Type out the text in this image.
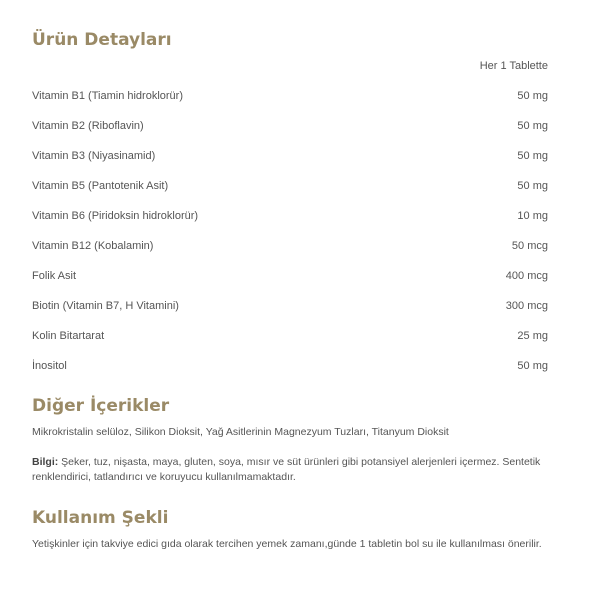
Ürün Detayları
Her 1 Tablette
Vitamin B1 (Tiamin hidroklorür)	50 mg
Vitamin B2 (Riboflavin)	50 mg
Vitamin B3 (Niyasinamid)	50 mg
Vitamin B5 (Pantotenik Asit)	50 mg
Vitamin B6 (Piridoksin hidroklorür)	10 mg
Vitamin B12 (Kobalamin)	50 mcg
Folik Asit	400 mcg
Biotin (Vitamin B7, H Vitamini)	300 mcg
Kolin Bitartarat	25 mg
İnositol	50 mg
Diğer İçerikler
Mikrokristalin selüloz, Silikon Dioksit, Yağ Asitlerinin Magnezyum Tuzları, Titanyum Dioksit
Bilgi: Şeker, tuz, nişasta, maya, gluten, soya, mısır ve süt ürünleri gibi potansiyel alerjenleri içermez. Sentetik renklendirici, tatlandırıcı ve koruyucu kullanılmamaktadır.
Kullanım Şekli
Yetişkinler için takviye edici gıda olarak tercihen yemek zamanı,günde 1 tabletin bol su ile kullanılması önerilir.
